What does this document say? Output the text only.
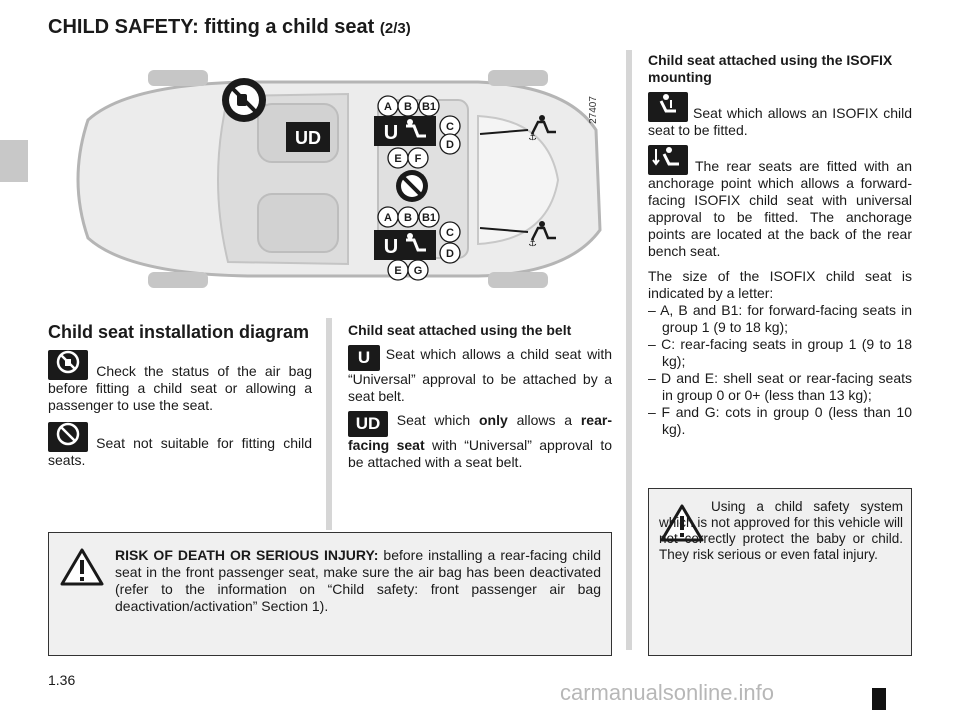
CHILD SAFETY: fitting a child seat (2/3)
UD
27407
U
A B B1
C
D
E F
U
A B B1
C
D
E G
⚓
⚓

Child seat installation diagram

Check the status of the air bag before fitting a child seat or allowing a passenger to use the seat.

Seat not suitable for fitting child seats.

Child seat attached using the belt

U Seat which allows a child seat with “Universal” approval to be attached by a seat belt.

UD Seat which only allows a rear-facing seat with “Universal” approval to be attached with a seat belt.

Child seat attached using the ISOFIX mounting

Seat which allows an ISOFIX child seat to be fitted.

The rear seats are fitted with an anchorage point which allows a forward-facing ISOFIX child seat with universal approval to be fitted. The anchorage points are located at the back of the rear bench seat.

The size of the ISOFIX child seat is indicated by a letter:

– A, B and B1: for forward-facing seats in group 1 (9 to 18 kg);
– C: rear-facing seats in group 1 (9 to 18 kg);
– D and E: shell seat or rear-facing seats in group 0 or 0+ (less than 13 kg);
– F and G: cots in group 0 (less than 10 kg).

Using a child safety system which is not approved for this vehicle will not correctly protect the baby or child. They risk serious or even fatal injury.

RISK OF DEATH OR SERIOUS INJURY: before installing a rear-facing child seat in the front passenger seat, make sure the air bag has been deactivated (refer to the information on “Child safety: front passenger air bag deactivation/activation” Section 1).

1.36	carmanualsonline.info
